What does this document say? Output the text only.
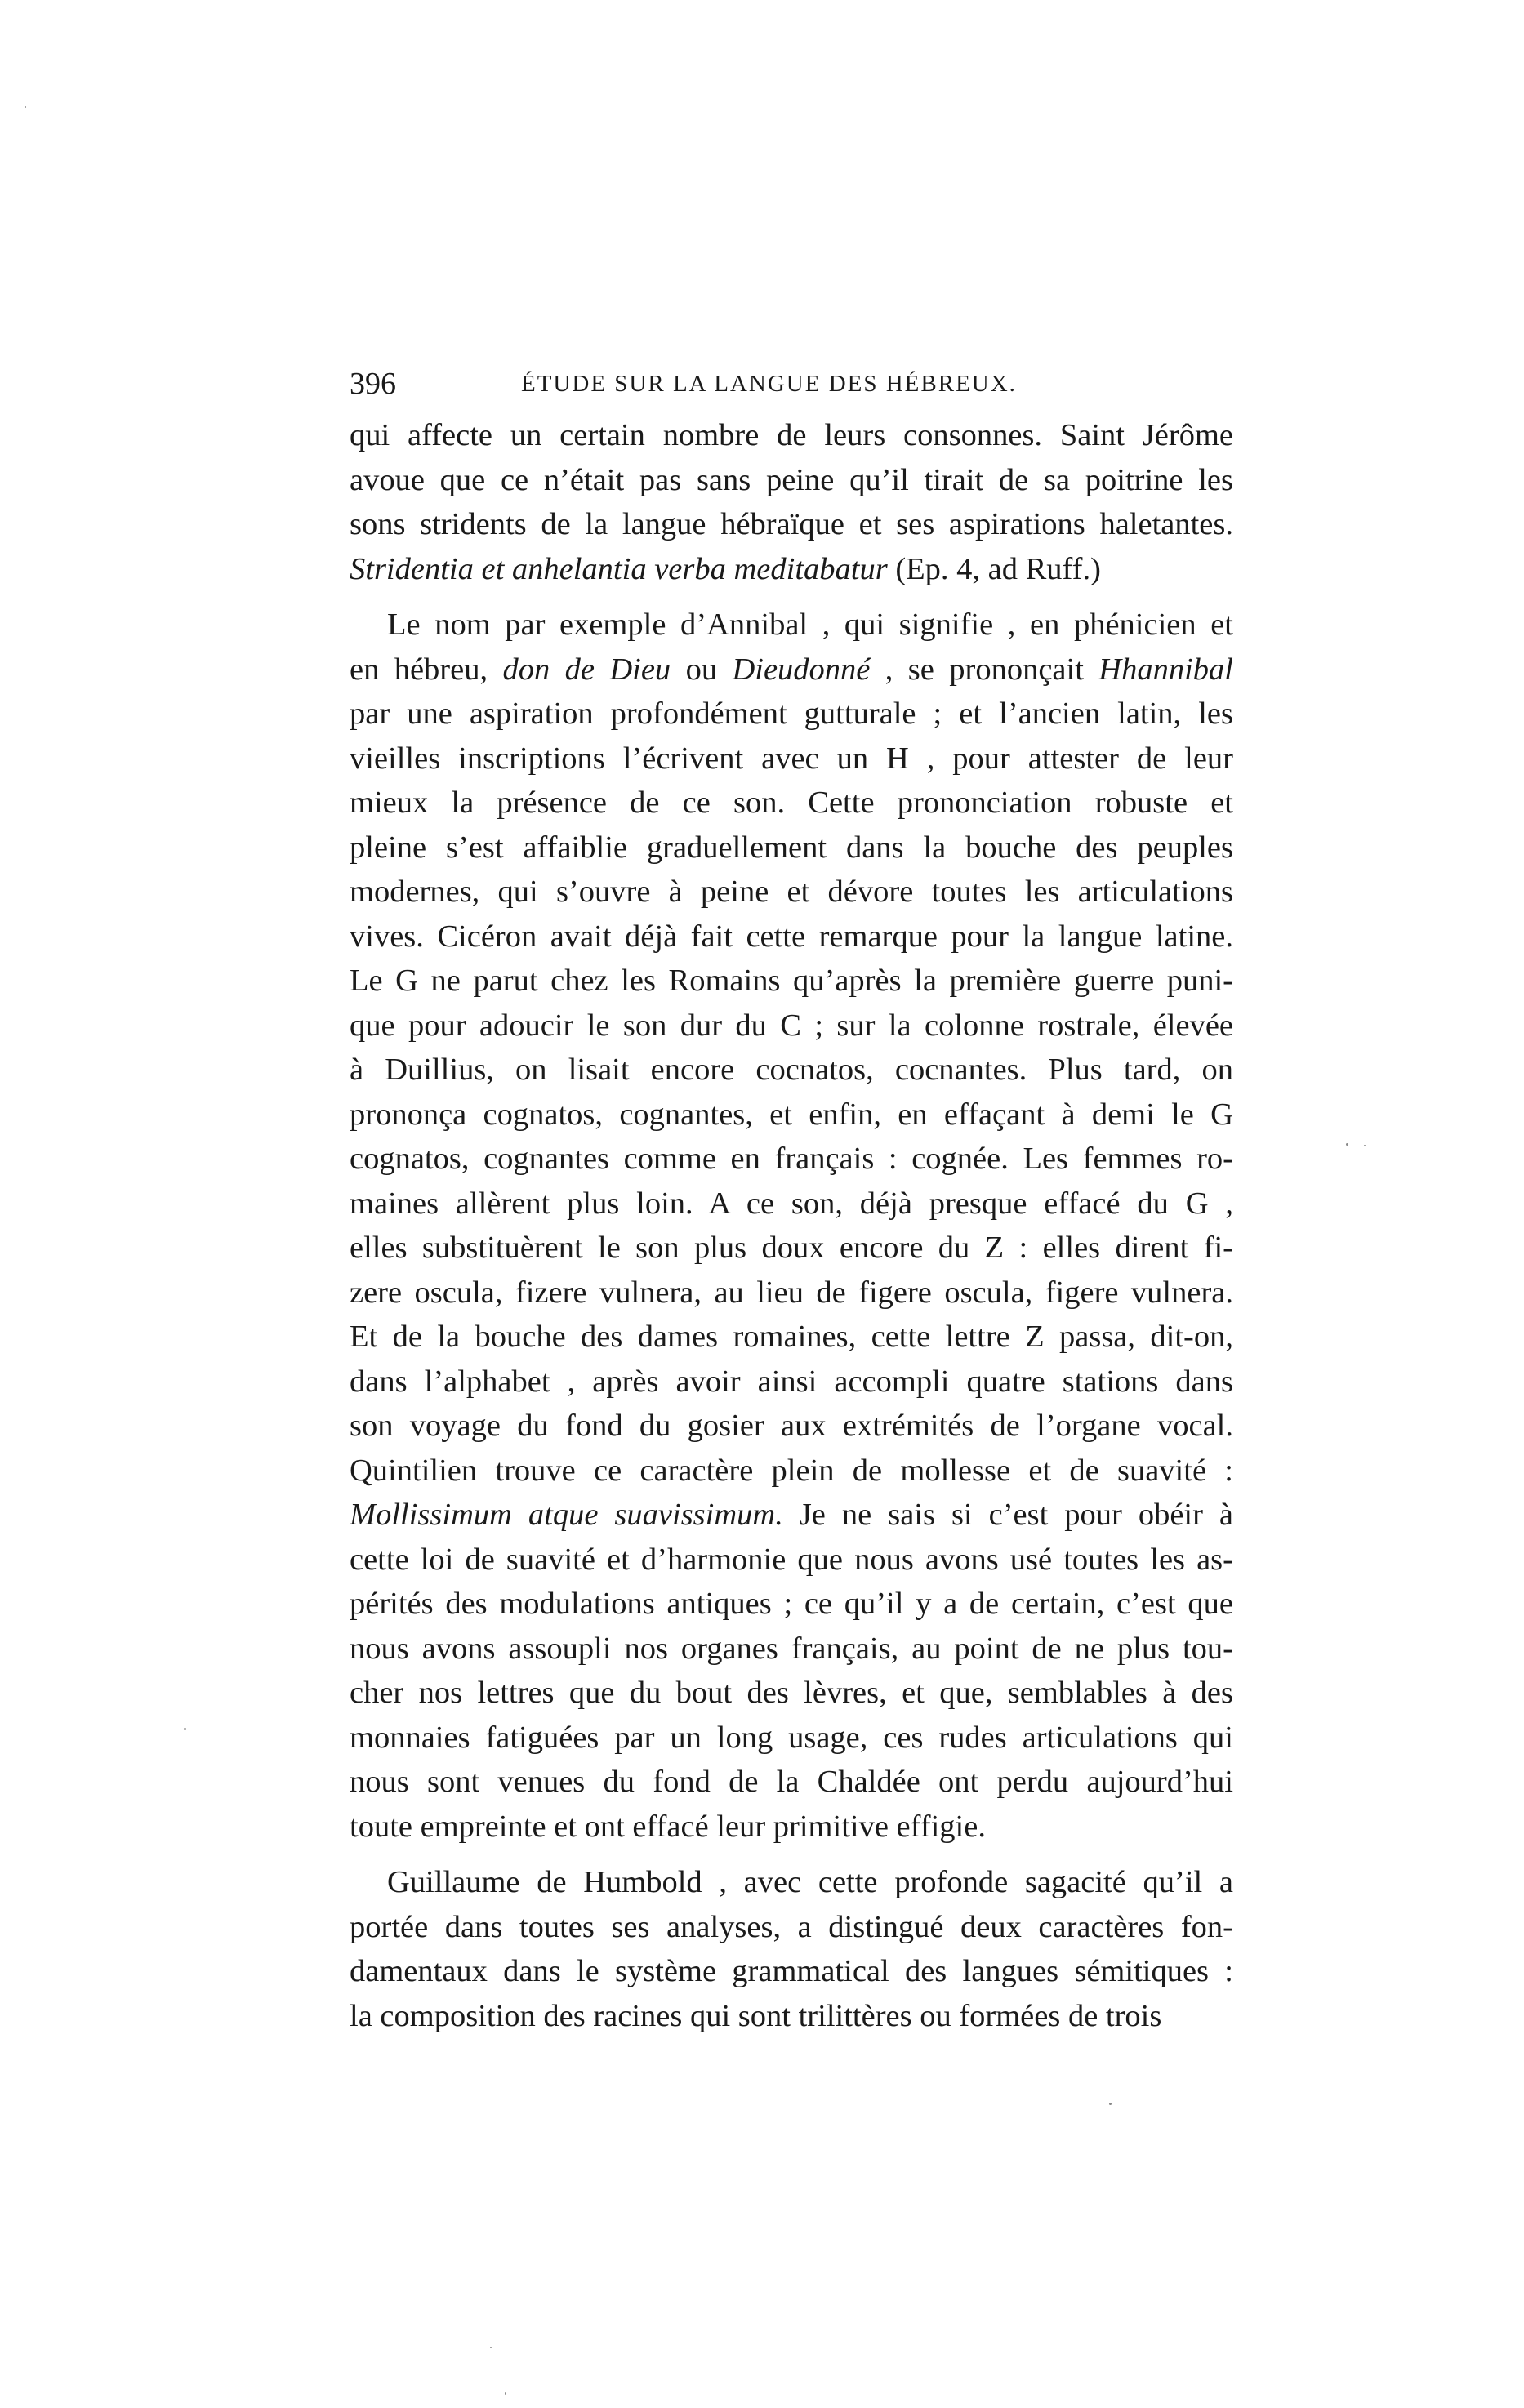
396	ÉTUDE SUR LA LANGUE DES HÉBREUX.
qui affecte un certain nombre de leurs consonnes. Saint Jérôme
avoue que ce n’était pas sans peine qu’il tirait de sa poitrine les
sons stridents de la langue hébraïque et ses aspirations haletantes.
Stridentia et anhelantia verba meditabatur (Ep. 4, ad Ruff.)
Le nom par exemple d’Annibal , qui signifie , en phénicien et
en hébreu, don de Dieu ou Dieudonné , se prononçait Hhannibal
par une aspiration profondément gutturale ; et l’ancien latin, les
vieilles inscriptions l’écrivent avec un H , pour attester de leur
mieux la présence de ce son. Cette prononciation robuste et
pleine s’est affaiblie graduellement dans la bouche des peuples
modernes, qui s’ouvre à peine et dévore toutes les articulations
vives. Cicéron avait déjà fait cette remarque pour la langue latine.
Le G ne parut chez les Romains qu’après la première guerre puni-
que pour adoucir le son dur du C ; sur la colonne rostrale, élevée
à Duillius, on lisait encore cocnatos, cocnantes. Plus tard, on
prononça cognatos, cognantes, et enfin, en effaçant à demi le G
cognatos, cognantes comme en français : cognée. Les femmes ro-
maines allèrent plus loin. A ce son, déjà presque effacé du G ,
elles substituèrent le son plus doux encore du Z : elles dirent fi-
zere oscula, fizere vulnera, au lieu de figere oscula, figere vulnera.
Et de la bouche des dames romaines, cette lettre Z passa, dit-on,
dans l’alphabet , après avoir ainsi accompli quatre stations dans
son voyage du fond du gosier aux extrémités de l’organe vocal.
Quintilien trouve ce caractère plein de mollesse et de suavité :
Mollissimum atque suavissimum. Je ne sais si c’est pour obéir à
cette loi de suavité et d’harmonie que nous avons usé toutes les as-
pérités des modulations antiques ; ce qu’il y a de certain, c’est que
nous avons assoupli nos organes français, au point de ne plus tou-
cher nos lettres que du bout des lèvres, et que, semblables à des
monnaies fatiguées par un long usage, ces rudes articulations qui
nous sont venues du fond de la Chaldée ont perdu aujourd’hui
toute empreinte et ont effacé leur primitive effigie.
Guillaume de Humbold , avec cette profonde sagacité qu’il a
portée dans toutes ses analyses, a distingué deux caractères fon-
damentaux dans le système grammatical des langues sémitiques :
la composition des racines qui sont trilittères ou formées de trois
